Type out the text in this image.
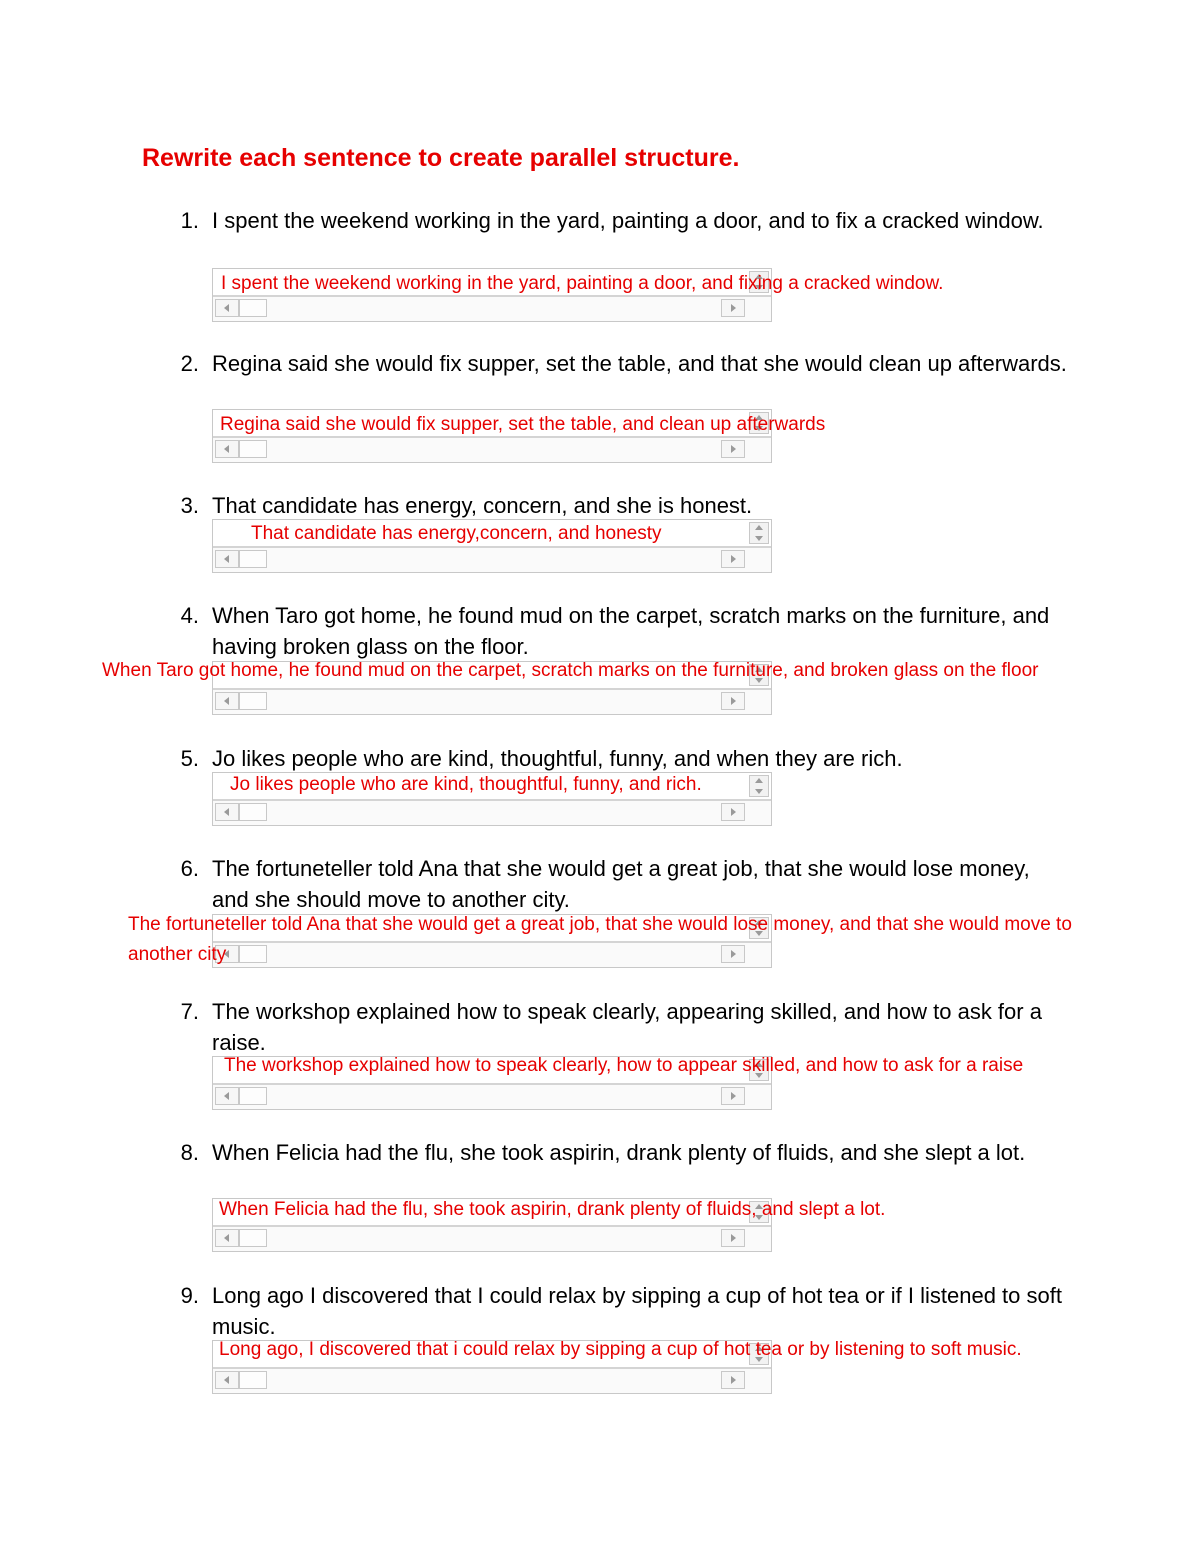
Rewrite each sentence to create parallel structure.
1. I spent the weekend working in the yard, painting a door, and to fix a cracked window.
I spent the weekend working in the yard, painting a door, and fixing a cracked window.
2. Regina said she would fix supper, set the table, and that she would clean up afterwards.
Regina said she would fix supper, set the table, and clean up afterwards
3. That candidate has energy, concern, and she is honest.
That candidate has energy,concern, and honesty
4. When Taro got home, he found mud on the carpet, scratch marks on the furniture, and having broken glass on the floor.
When Taro got home, he found mud on the carpet, scratch marks on the furniture, and broken glass on the floor
5. Jo likes people who are kind, thoughtful, funny, and when they are rich.
Jo likes people who are kind, thoughtful, funny, and rich.
6. The fortuneteller told Ana that she would get a great job, that she would lose money, and she should move to another city.
The fortuneteller told Ana that she would get a great job, that she would lose money, and that she would move to another city
7. The workshop explained how to speak clearly, appearing skilled, and how to ask for a raise.
The workshop explained how to speak clearly, how to appear skilled, and how to ask for a raise
8. When Felicia had the flu, she took aspirin, drank plenty of fluids, and she slept a lot.
When Felicia had the flu, she took aspirin, drank plenty of fluids, and slept a lot.
9. Long ago I discovered that I could relax by sipping a cup of hot tea or if I listened to soft music.
Long ago, I discovered that i could relax by sipping a cup of hot tea or by listening to soft music.
